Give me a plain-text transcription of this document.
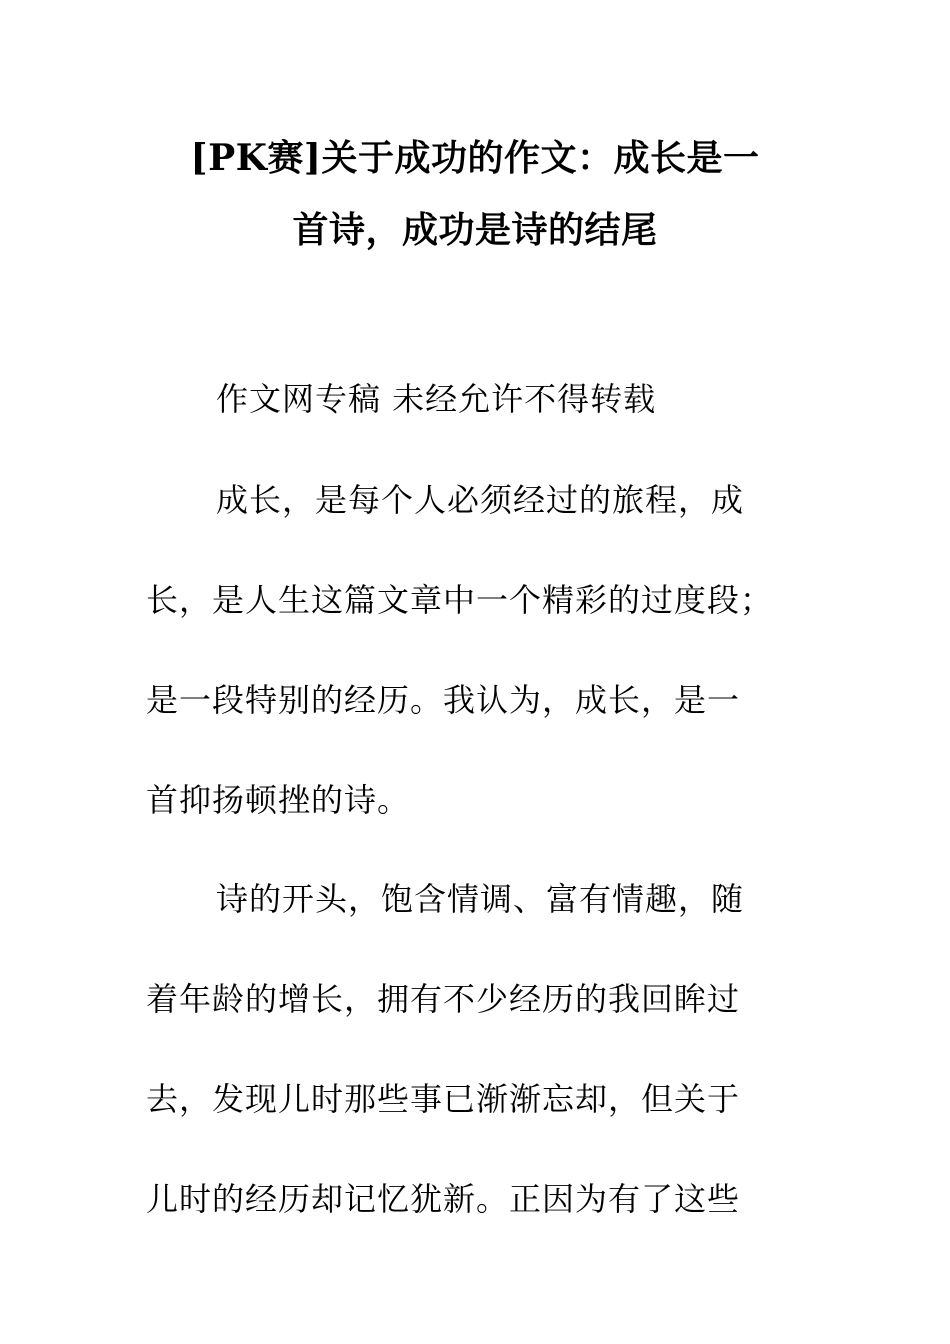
[PK赛]关于成功的作文：成长是一
首诗，成功是诗的结尾
作文网专稿 未经允许不得转载
成长，是每个人必须经过的旅程，成
长，是人生这篇文章中一个精彩的过度段；
是一段特别的经历。我认为，成长，是一
首抑扬顿挫的诗。
诗的开头，饱含情调、富有情趣，随
着年龄的增长，拥有不少经历的我回眸过
去，发现儿时那些事已渐渐忘却，但关于
儿时的经历却记忆犹新。正因为有了这些
